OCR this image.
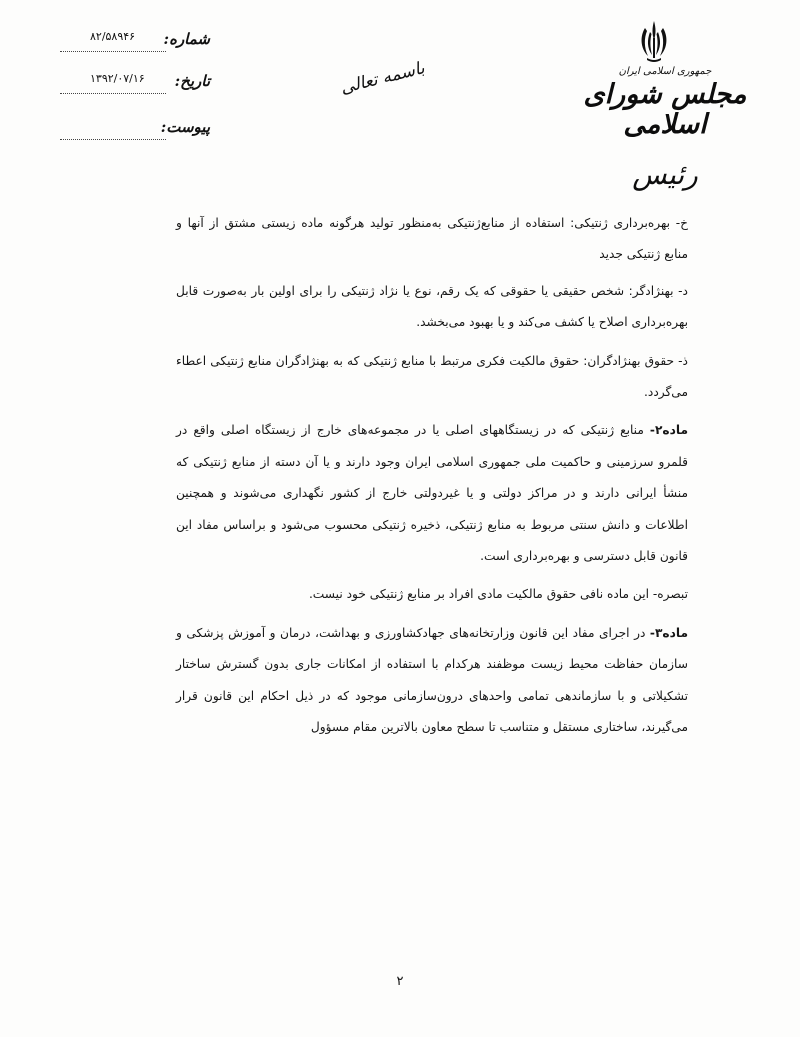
جمهوری اسلامی ایران
مجلس شورای اسلامی
رئیس
باسمه تعالی
شماره:
۸۲/۵۸۹۴۶
تاریخ:
۱۳۹۲/۰۷/۱۶
پیوست:

خ- بهره‌برداری ژنتیکی: استفاده از منابع‌ژنتیکی به‌منظور تولید هرگونه ماده زیستی مشتق از آنها و منابع ژنتیکی جدید

د- بهنژادگر: شخص حقیقی یا حقوقی که یک رقم، نوع یا نژاد ژنتیکی را برای اولین بار به‌صورت قابل بهره‌برداری اصلاح یا کشف می‌کند و یا بهبود می‌بخشد.

ذ- حقوق بهنژادگران: حقوق مالکیت فکری مرتبط با منابع ژنتیکی که به بهنژادگران منابع ژنتیکی اعطاء می‌گردد.

ماده۲- منابع ژنتیکی که در زیستگاههای اصلی یا در مجموعه‌های خارج از زیستگاه اصلی واقع در قلمرو سرزمینی و حاکمیت ملی جمهوری اسلامی ایران وجود دارند و یا آن دسته از منابع ژنتیکی که منشأ ایرانی دارند و در مراکز دولتی و یا غیردولتی خارج از کشور نگهداری می‌شوند و همچنین اطلاعات و دانش سنتی مربوط به منابع ژنتیکی، ذخیره ژنتیکی محسوب می‌شود و براساس مفاد این قانون قابل دسترسی و بهره‌برداری است.

تبصره- این ماده نافی حقوق مالکیت مادی افراد بر منابع ژنتیکی خود نیست.

ماده۳- در اجرای مفاد این قانون وزارتخانه‌های جهادکشاورزی و بهداشت، درمان و آموزش پزشکی و سازمان حفاظت محیط زیست موظفند هرکدام با استفاده از امکانات جاری بدون گسترش ساختار تشکیلاتی و با سازماندهی تمامی واحدهای درون‌سازمانی موجود که در ذیل احکام این قانون قرار می‌گیرند، ساختاری مستقل و متناسب تا سطح معاون بالاترین مقام مسؤول

۲
